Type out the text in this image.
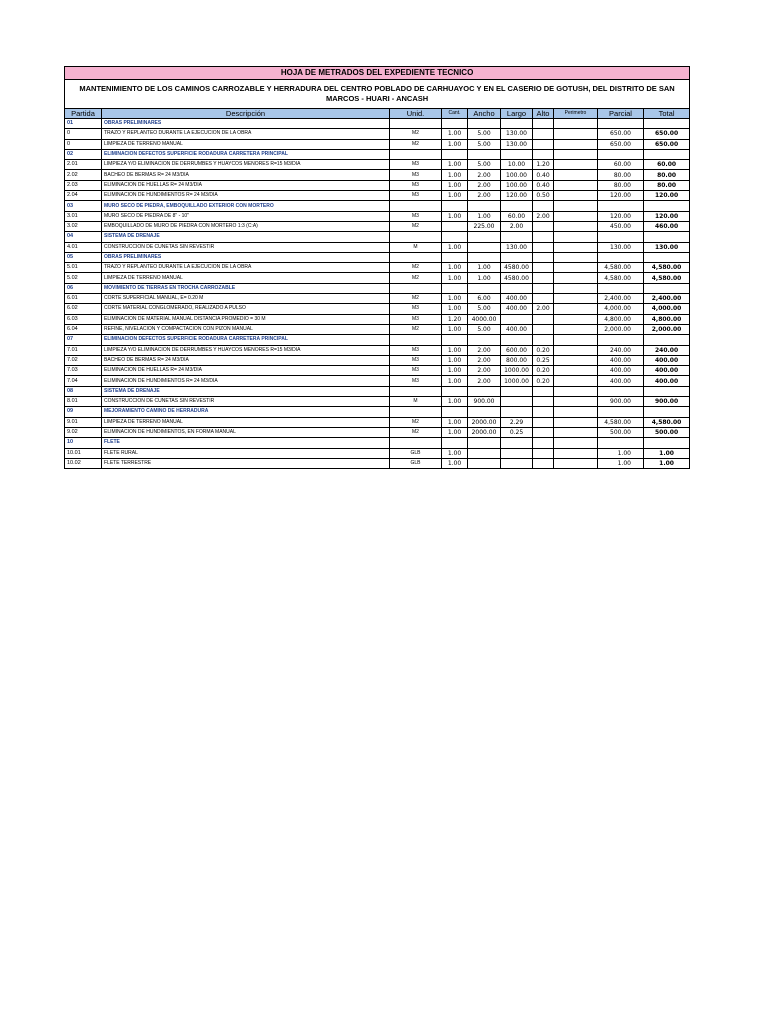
HOJA DE METRADOS DEL EXPEDIENTE TECNICO									
MANTENIMIENTO DE LOS CAMINOS CARROZABLE Y HERRADURA DEL CENTRO POBLADO DE CARHUAYOC Y EN EL CASERIO DE GOTUSH, DEL DISTRITO DE SAN MARCOS - HUARI - ANCASH									
Partida	Descripción	Unid.	Cant.	Ancho	Largo	Alto	Perimetro	Parcial	Total
01	OBRAS PRELIMINARES								
0	TRAZO Y REPLANTEO DURANTE LA EJECUCION DE LA OBRA	M2	1.00	5.00	130.00			650.00	650.00
0	LIMPIEZA DE TERRENO MANUAL	M2	1.00	5.00	130.00			650.00	650.00
02	ELIMINACION DEFECTOS SUPERFICIE RODADURA CARRETERA PRINCIPAL								
2.01	LIMPIEZA Y/O ELIMINACION DE DERRUMBES Y HUAYCOS MENORES R=15 M3/DIA	M3	1.00	5.00	10.00	1.20		60.00	60.00
2.02	BACHEO DE BERMAS R= 24 M3/DIA	M3	1.00	2.00	100.00	0.40		80.00	80.00
2.03	ELIMINACION DE HUELLAS R= 24 M3/DIA	M3	1.00	2.00	100.00	0.40		80.00	80.00
2.04	ELIMINACION DE HUNDIMIENTOS R= 24 M3/DIA	M3	1.00	2.00	120.00	0.50		120.00	120.00
03	MURO SECO DE PIEDRA, EMBOQUILLADO EXTERIOR CON MORTERO								
3.01	MURO SECO DE PIEDRA DE 8" - 10"	M3	1.00	1.00	60.00	2.00		120.00	120.00
3.02	EMBOQUILLADO DE MURO DE PIEDRA CON MORTERO 1:3 (C:A)	M2		225.00	2.00			450.00	460.00
04	SISTEMA DE DRENAJE								
4.01	CONSTRUCCION DE CUNETAS SIN REVESTIR	M	1.00		130.00			130.00	130.00
05	OBRAS PRELIMINARES								
5.01	TRAZO Y REPLANTEO DURANTE LA EJECUCION DE LA OBRA	M2	1.00	1.00	4580.00			4,580.00	4,580.00
5.02	LIMPIEZA DE TERRENO MANUAL	M2	1.00	1.00	4580.00			4,580.00	4,580.00
06	MOVIMIENTO DE TIERRAS EN TROCHA CARROZABLE								
6.01	CORTE SUPERFICIAL MANUAL, E= 0.20 M	M2	1.00	6.00	400.00			2,400.00	2,400.00
6.02	CORTE MATERIAL CONGLOMERADO, REALIZADO A PULSO	M3	1.00	5.00	400.00	2.00		4,000.00	4,000.00
6.03	ELIMINACION DE MATERIAL MANUAL DISTANCIA PROMEDIO = 30 M	M3	1.20	4000.00				4,800.00	4,800.00
6.04	REFINE, NIVELACION Y COMPACTACION CON PIZON MANUAL	M2	1.00	5.00	400.00			2,000.00	2,000.00
07	ELIMINACION DEFECTOS SUPERFICIE RODADURA CARRETERA PRINCIPAL								
7.01	LIMPIEZA Y/O ELIMINACION DE DERRUMBES Y HUAYCOS MENORES R=15 M3/DIA	M3	1.00	2.00	600.00	0.20		240.00	240.00
7.02	BACHEO DE BERMAS R= 24 M3/DIA	M3	1.00	2.00	800.00	0.25		400.00	400.00
7.03	ELIMINACION DE HUELLAS R= 24 M3/DIA	M3	1.00	2.00	1000.00	0.20		400.00	400.00
7.04	ELIMINACION DE HUNDIMIENTOS R= 24 M3/DIA	M3	1.00	2.00	1000.00	0.20		400.00	400.00
08	SISTEMA DE DRENAJE								
8.01	CONSTRUCCION DE CUNETAS SIN REVESTIR	M	1.00	900.00				900.00	900.00
09	MEJORAMIENTO CAMINO DE HERRADURA								
9.01	LIMPIEZA DE TERRENO MANUAL	M2	1.00	2000.00	2.29			4,580.00	4,580.00
9.02	ELIMINACION DE HUNDIMIENTOS, EN FORMA MANUAL	M2	1.00	2000.00	0.25			500.00	500.00
10	FLETE								
10.01	FLETE RURAL	GLB	1.00					1.00	1.00
10.02	FLETE TERRESTRE	GLB	1.00					1.00	1.00
